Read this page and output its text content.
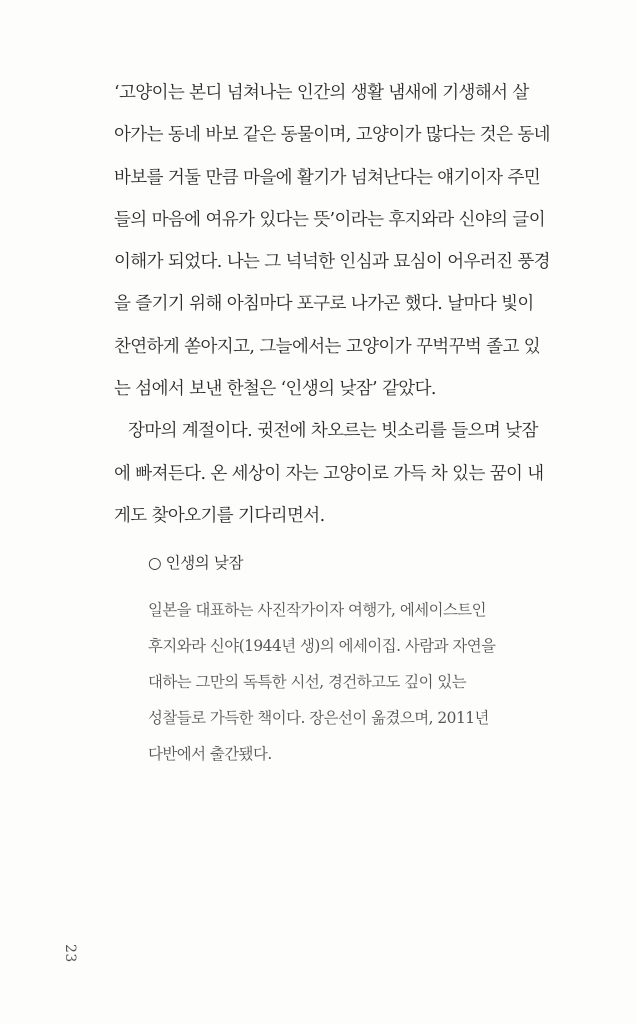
‘고양이는 본디 넘쳐나는 인간의 생활 냄새에 기생해서 살
아가는 동네 바보 같은 동물이며, 고양이가 많다는 것은 동네
바보를 거둘 만큼 마을에 활기가 넘쳐난다는 얘기이자 주민
들의 마음에 여유가 있다는 뜻’이라는 후지와라 신야의 글이
이해가 되었다. 나는 그 넉넉한 인심과 묘심이 어우러진 풍경
을 즐기기 위해 아침마다 포구로 나가곤 했다. 날마다 빛이
찬연하게 쏟아지고, 그늘에서는 고양이가 꾸벅꾸벅 졸고 있
는 섬에서 보낸 한철은 ‘인생의 낮잠’ 같았다.
장마의 계절이다. 귓전에 차오르는 빗소리를 들으며 낮잠
에 빠져든다. 온 세상이 자는 고양이로 가득 차 있는 꿈이 내
게도 찾아오기를 기다리면서.
○ 인생의 낮잠
일본을 대표하는 사진작가이자 여행가, 에세이스트인
후지와라 신야(1944년 생)의 에세이집. 사람과 자연을
대하는 그만의 독특한 시선, 경건하고도 깊이 있는
성찰들로 가득한 책이다. 장은선이 옮겼으며, 2011년
다반에서 출간됐다.
23
